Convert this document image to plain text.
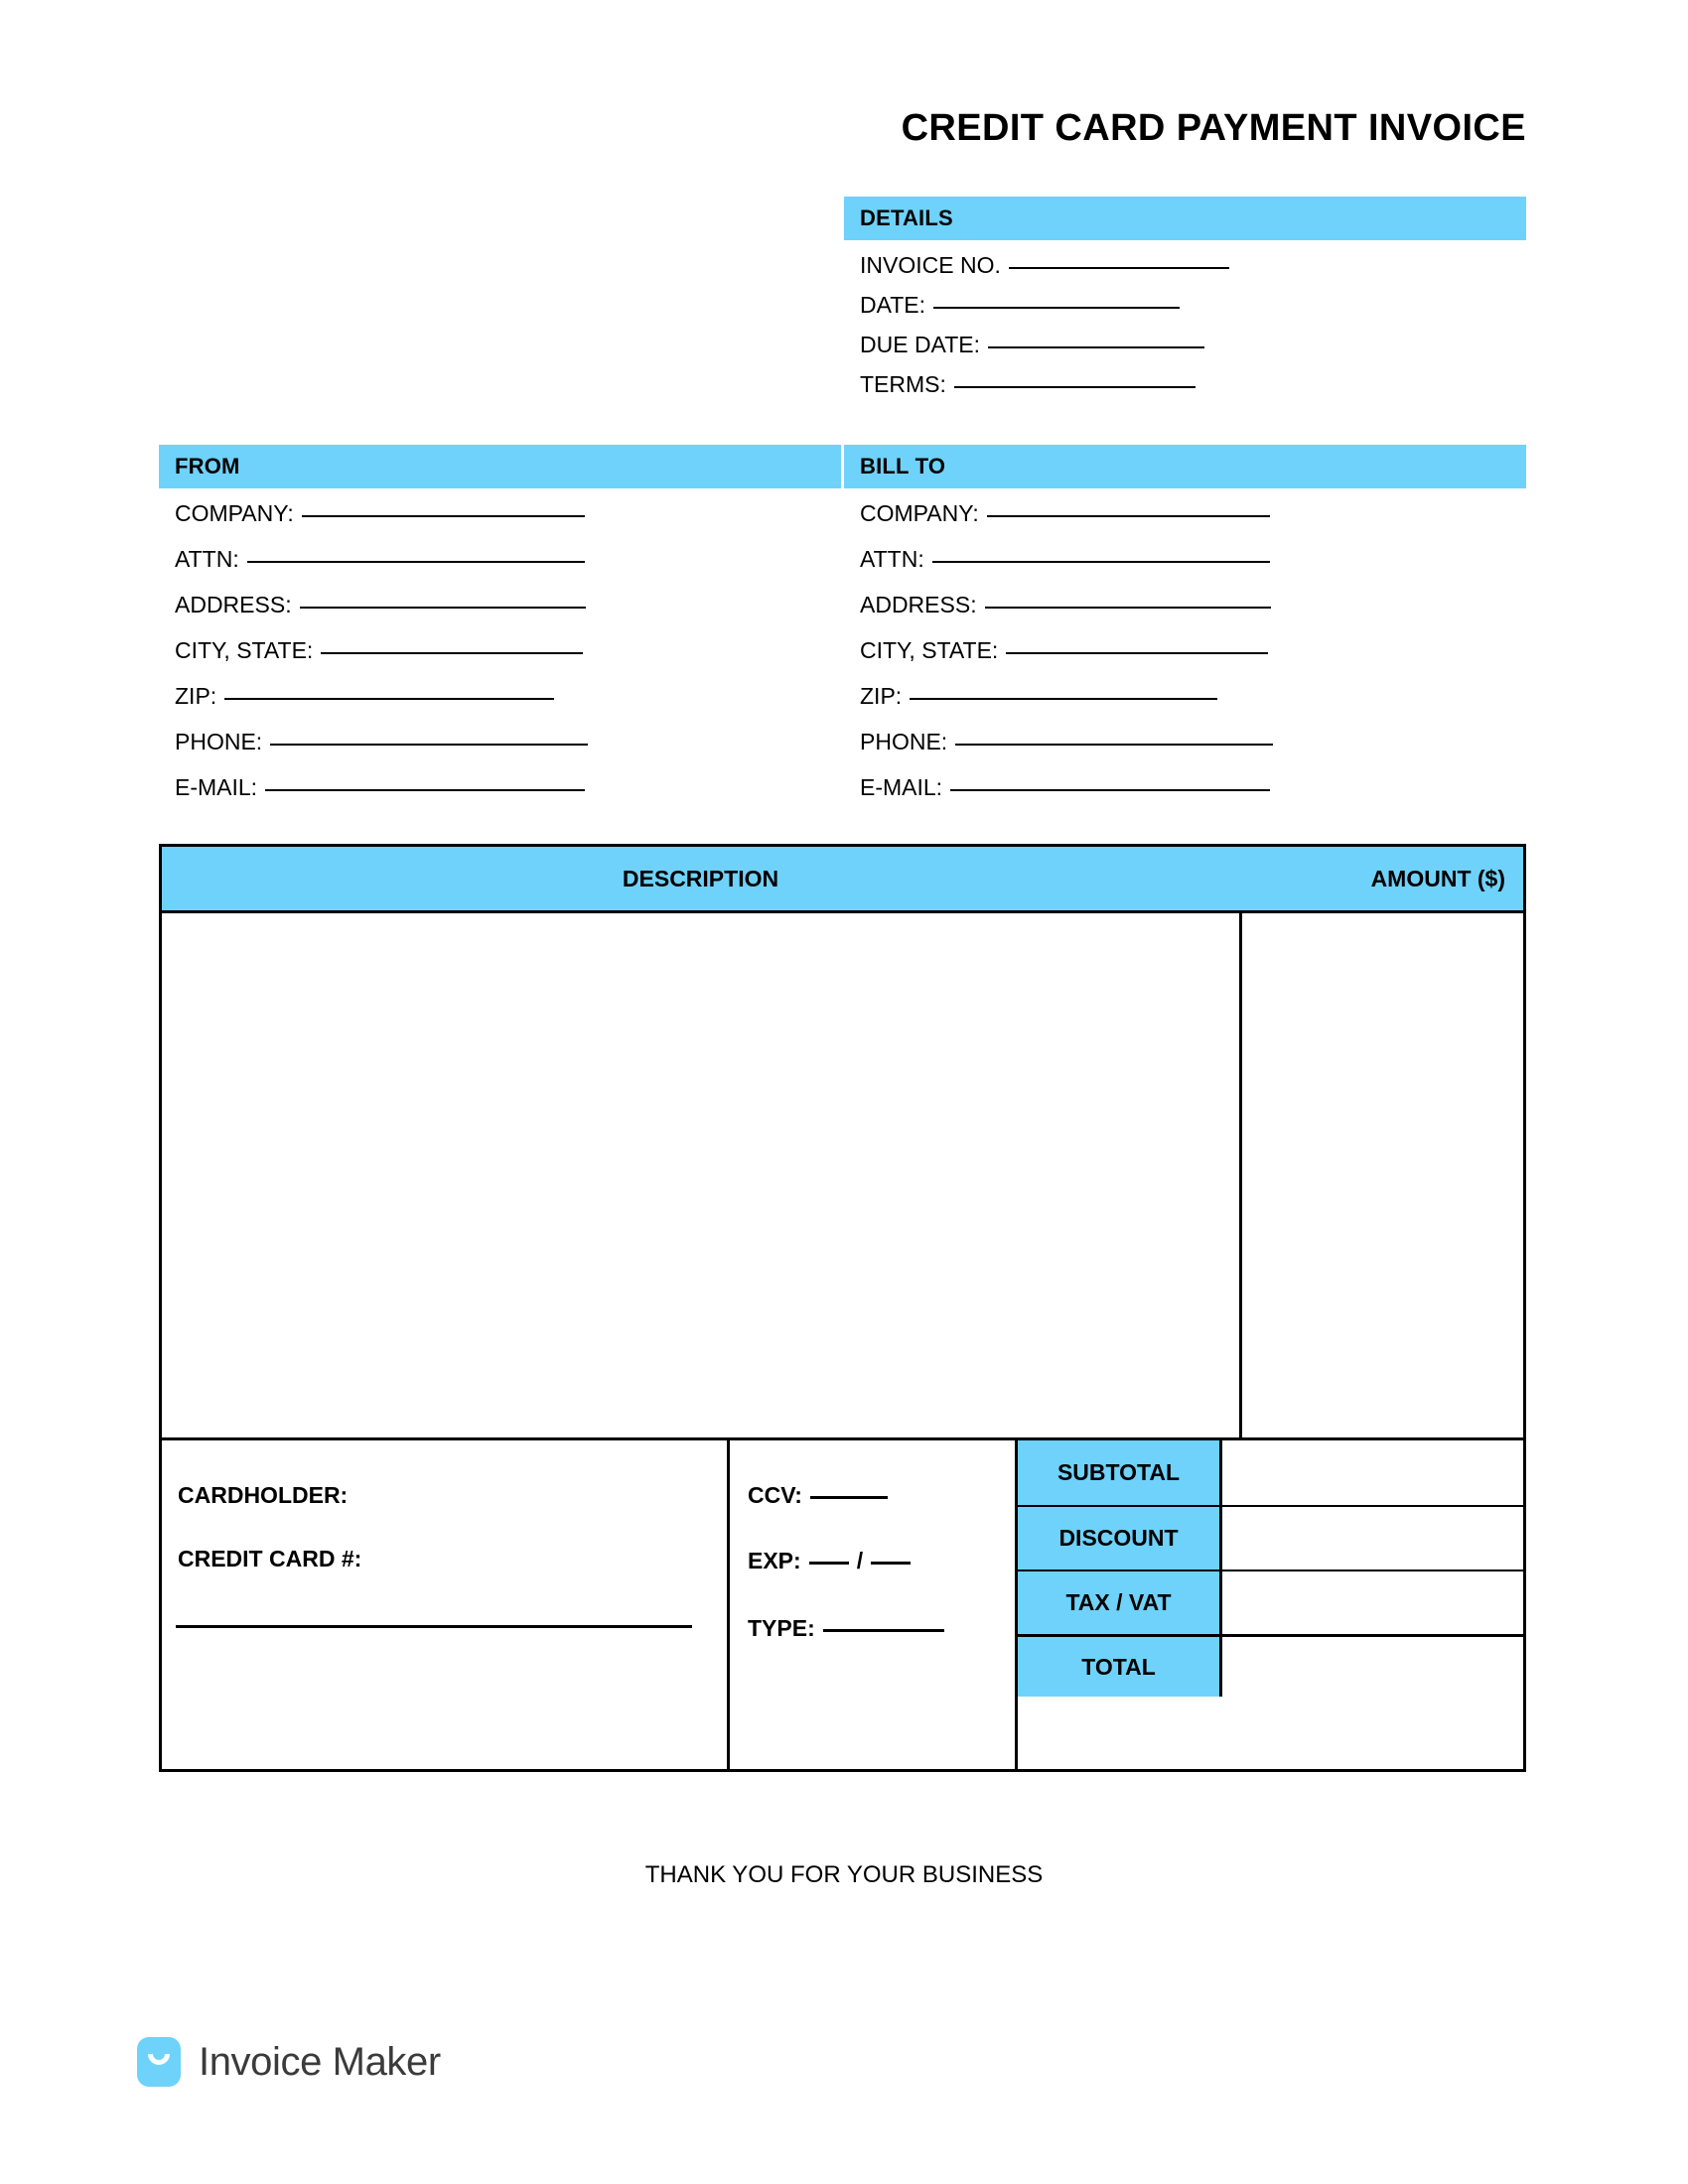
CREDIT CARD PAYMENT INVOICE
DETAILS
INVOICE NO.
DATE:
DUE DATE:
TERMS:
FROM
COMPANY:
ATTN:
ADDRESS:
CITY, STATE:
ZIP:
PHONE:
E-MAIL:
BILL TO
COMPANY:
ATTN:
ADDRESS:
CITY, STATE:
ZIP:
PHONE:
E-MAIL:
DESCRIPTION	AMOUNT ($)
CARDHOLDER:
CREDIT CARD #:
CCV:
EXP: /
TYPE:
SUBTOTAL
DISCOUNT
TAX / VAT
TOTAL
THANK YOU FOR YOUR BUSINESS
Invoice Maker
